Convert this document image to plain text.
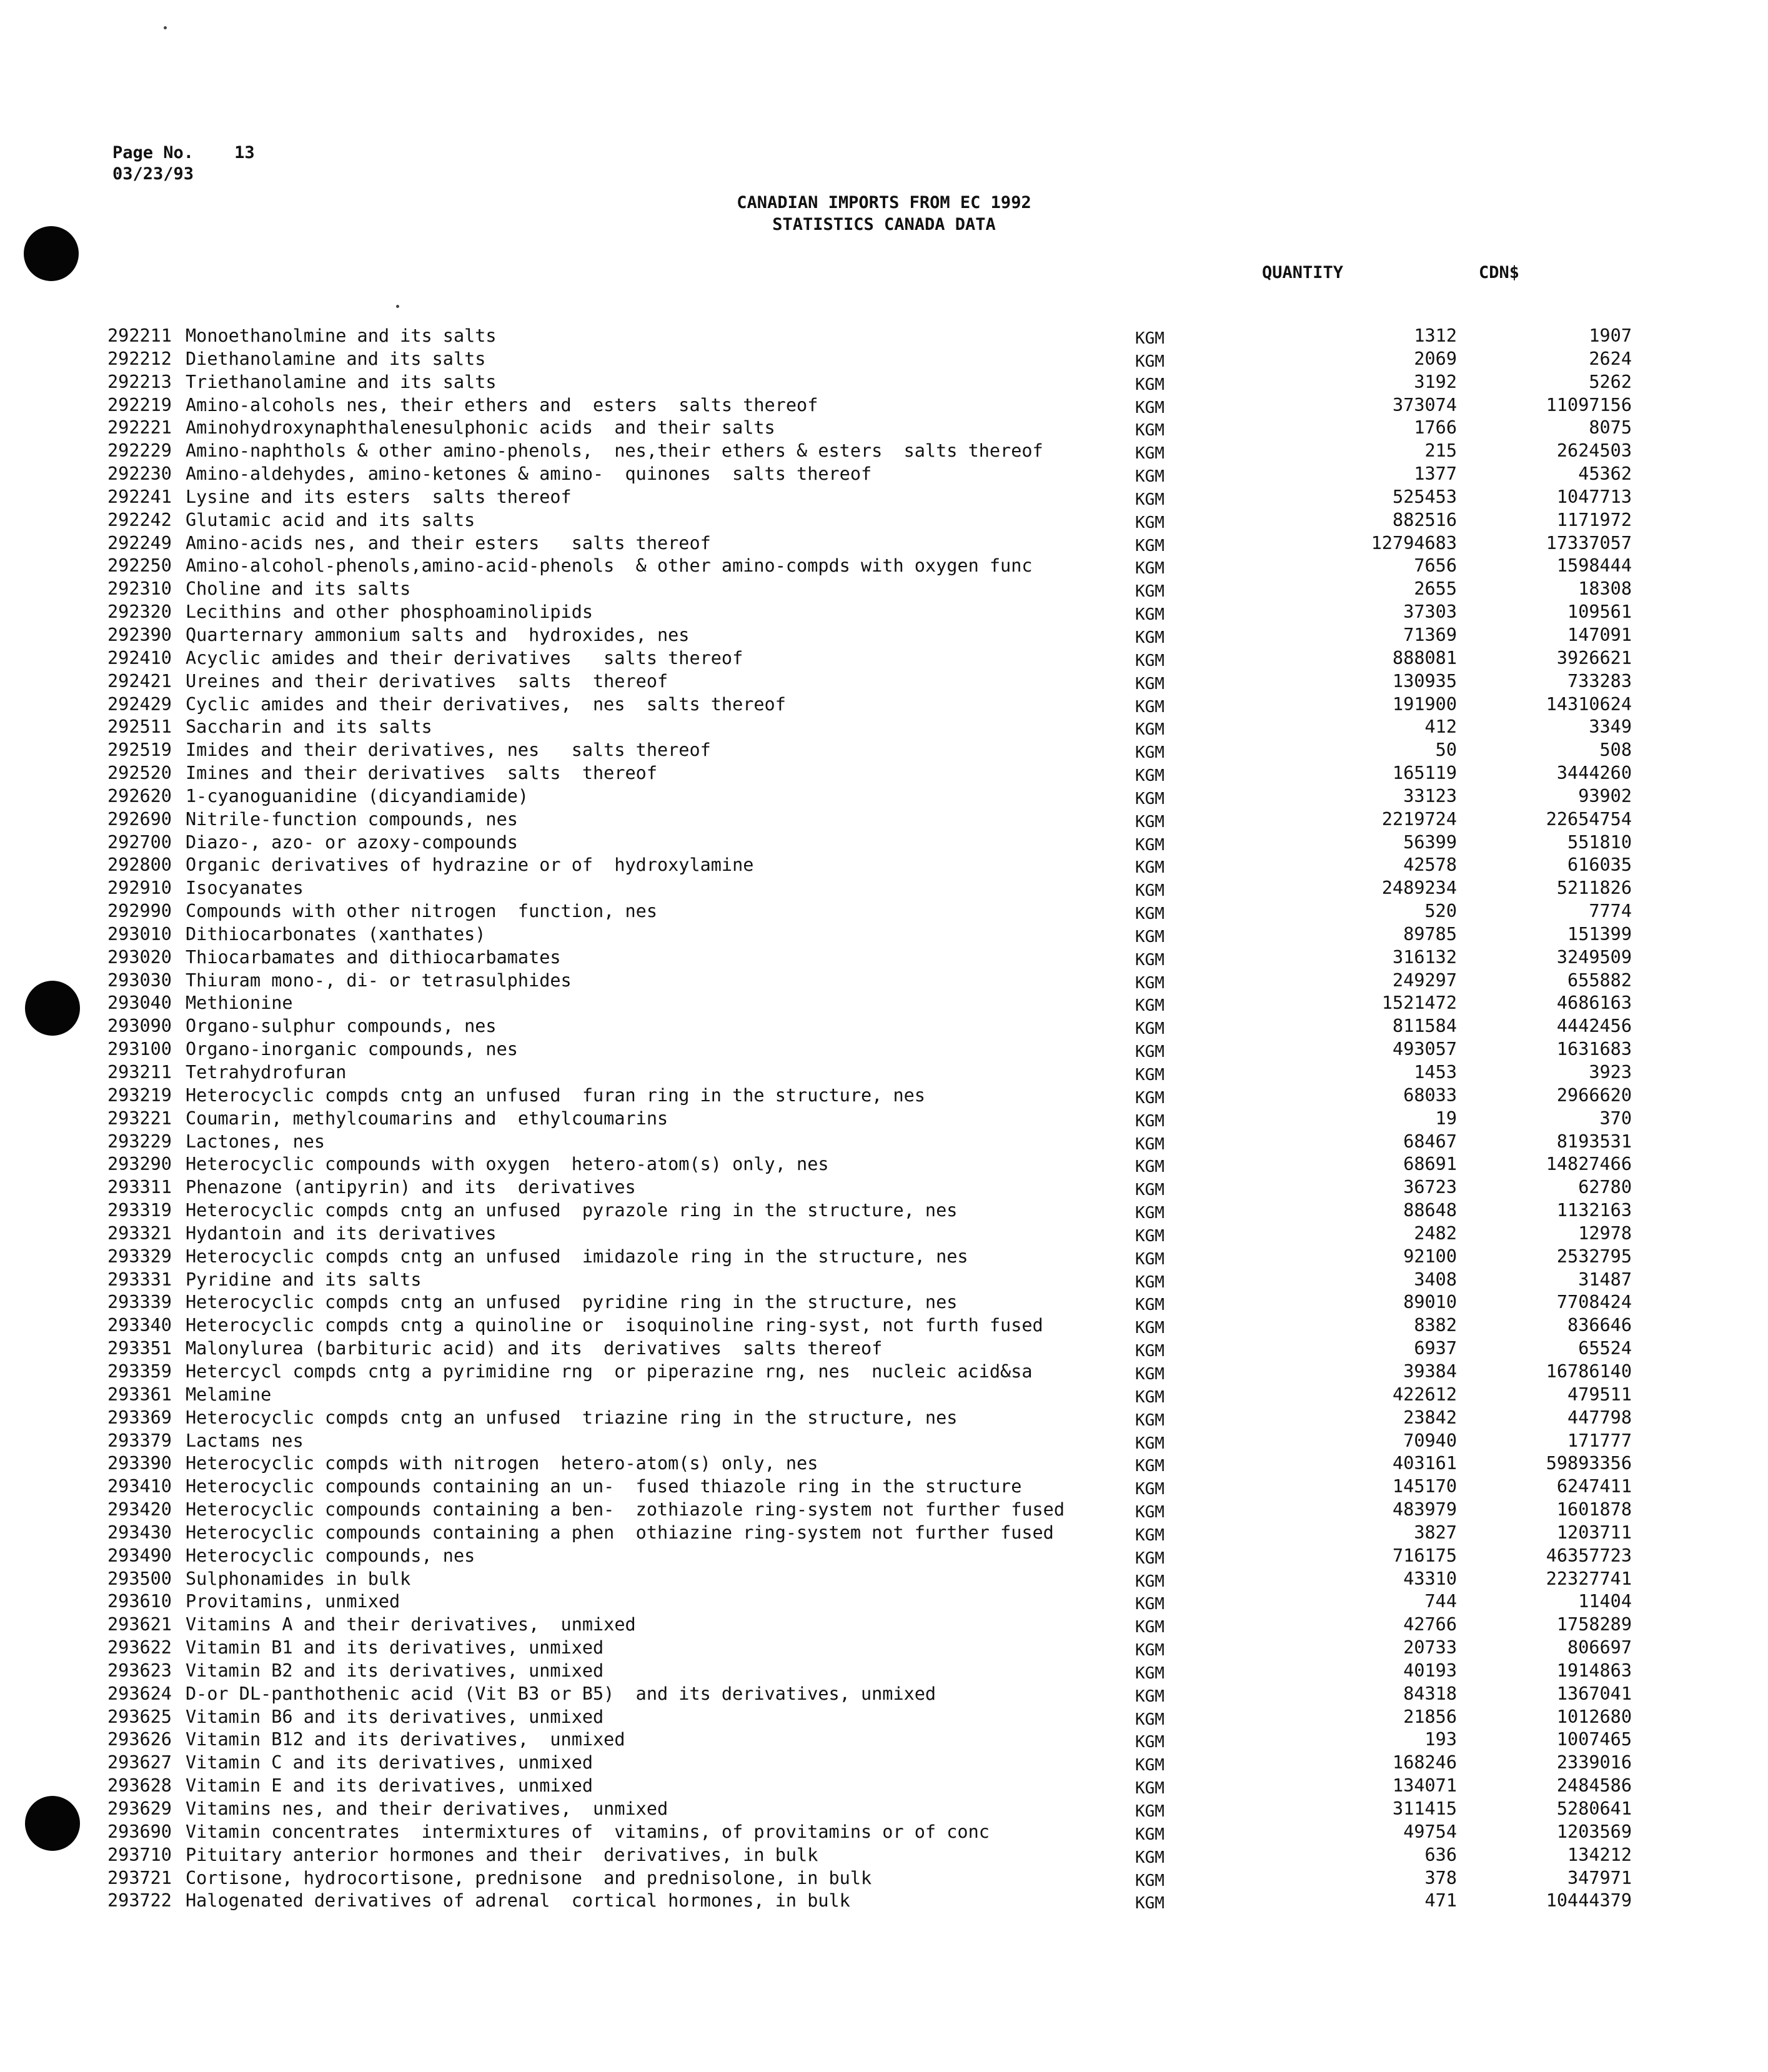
Page No. 13
03/23/93
CANADIAN IMPORTS FROM EC 1992
STATISTICS CANADA DATA
QUANTITY	CDN$
292211 Monoethanolmine and its salts	KGM	1312	1907
292212 Diethanolamine and its salts	KGM	2069	2624
292213 Triethanolamine and its salts	KGM	3192	5262
292219 Amino-alcohols nes, their ethers and  esters  salts thereof	KGM	373074	11097156
292221 Aminohydroxynaphthalenesulphonic acids  and their salts	KGM	1766	8075
292229 Amino-naphthols & other amino-phenols,  nes,their ethers & esters  salts thereof	KGM	215	2624503
292230 Amino-aldehydes, amino-ketones & amino-  quinones  salts thereof	KGM	1377	45362
292241 Lysine and its esters  salts thereof	KGM	525453	1047713
292242 Glutamic acid and its salts	KGM	882516	1171972
292249 Amino-acids nes, and their esters   salts thereof	KGM	12794683	17337057
292250 Amino-alcohol-phenols,amino-acid-phenols  & other amino-compds with oxygen func	KGM	7656	1598444
292310 Choline and its salts	KGM	2655	18308
292320 Lecithins and other phosphoaminolipids	KGM	37303	109561
292390 Quarternary ammonium salts and  hydroxides, nes	KGM	71369	147091
292410 Acyclic amides and their derivatives   salts thereof	KGM	888081	3926621
292421 Ureines and their derivatives  salts  thereof	KGM	130935	733283
292429 Cyclic amides and their derivatives,  nes  salts thereof	KGM	191900	14310624
292511 Saccharin and its salts	KGM	412	3349
292519 Imides and their derivatives, nes   salts thereof	KGM	50	508
292520 Imines and their derivatives  salts  thereof	KGM	165119	3444260
292620 1-cyanoguanidine (dicyandiamide)	KGM	33123	93902
292690 Nitrile-function compounds, nes	KGM	2219724	22654754
292700 Diazo-, azo- or azoxy-compounds	KGM	56399	551810
292800 Organic derivatives of hydrazine or of  hydroxylamine	KGM	42578	616035
292910 Isocyanates	KGM	2489234	5211826
292990 Compounds with other nitrogen  function, nes	KGM	520	7774
293010 Dithiocarbonates (xanthates)	KGM	89785	151399
293020 Thiocarbamates and dithiocarbamates	KGM	316132	3249509
293030 Thiuram mono-, di- or tetrasulphides	KGM	249297	655882
293040 Methionine	KGM	1521472	4686163
293090 Organo-sulphur compounds, nes	KGM	811584	4442456
293100 Organo-inorganic compounds, nes	KGM	493057	1631683
293211 Tetrahydrofuran	KGM	1453	3923
293219 Heterocyclic compds cntg an unfused  furan ring in the structure, nes	KGM	68033	2966620
293221 Coumarin, methylcoumarins and  ethylcoumarins	KGM	19	370
293229 Lactones, nes	KGM	68467	8193531
293290 Heterocyclic compounds with oxygen  hetero-atom(s) only, nes	KGM	68691	14827466
293311 Phenazone (antipyrin) and its  derivatives	KGM	36723	62780
293319 Heterocyclic compds cntg an unfused  pyrazole ring in the structure, nes	KGM	88648	1132163
293321 Hydantoin and its derivatives	KGM	2482	12978
293329 Heterocyclic compds cntg an unfused  imidazole ring in the structure, nes	KGM	92100	2532795
293331 Pyridine and its salts	KGM	3408	31487
293339 Heterocyclic compds cntg an unfused  pyridine ring in the structure, nes	KGM	89010	7708424
293340 Heterocyclic compds cntg a quinoline or  isoquinoline ring-syst, not furth fused	KGM	8382	836646
293351 Malonylurea (barbituric acid) and its  derivatives  salts thereof	KGM	6937	65524
293359 Hetercycl compds cntg a pyrimidine rng  or piperazine rng, nes  nucleic acid&sa	KGM	39384	16786140
293361 Melamine	KGM	422612	479511
293369 Heterocyclic compds cntg an unfused  triazine ring in the structure, nes	KGM	23842	447798
293379 Lactams nes	KGM	70940	171777
293390 Heterocyclic compds with nitrogen  hetero-atom(s) only, nes	KGM	403161	59893356
293410 Heterocyclic compounds containing an un-  fused thiazole ring in the structure	KGM	145170	6247411
293420 Heterocyclic compounds containing a ben-  zothiazole ring-system not further fused	KGM	483979	1601878
293430 Heterocyclic compounds containing a phen  othiazine ring-system not further fused	KGM	3827	1203711
293490 Heterocyclic compounds, nes	KGM	716175	46357723
293500 Sulphonamides in bulk	KGM	43310	22327741
293610 Provitamins, unmixed	KGM	744	11404
293621 Vitamins A and their derivatives,  unmixed	KGM	42766	1758289
293622 Vitamin B1 and its derivatives, unmixed	KGM	20733	806697
293623 Vitamin B2 and its derivatives, unmixed	KGM	40193	1914863
293624 D-or DL-panthothenic acid (Vit B3 or B5)  and its derivatives, unmixed	KGM	84318	1367041
293625 Vitamin B6 and its derivatives, unmixed	KGM	21856	1012680
293626 Vitamin B12 and its derivatives,  unmixed	KGM	193	1007465
293627 Vitamin C and its derivatives, unmixed	KGM	168246	2339016
293628 Vitamin E and its derivatives, unmixed	KGM	134071	2484586
293629 Vitamins nes, and their derivatives,  unmixed	KGM	311415	5280641
293690 Vitamin concentrates  intermixtures of  vitamins, of provitamins or of conc	KGM	49754	1203569
293710 Pituitary anterior hormones and their  derivatives, in bulk	KGM	636	134212
293721 Cortisone, hydrocortisone, prednisone  and prednisolone, in bulk	KGM	378	347971
293722 Halogenated derivatives of adrenal  cortical hormones, in bulk	KGM	471	10444379
